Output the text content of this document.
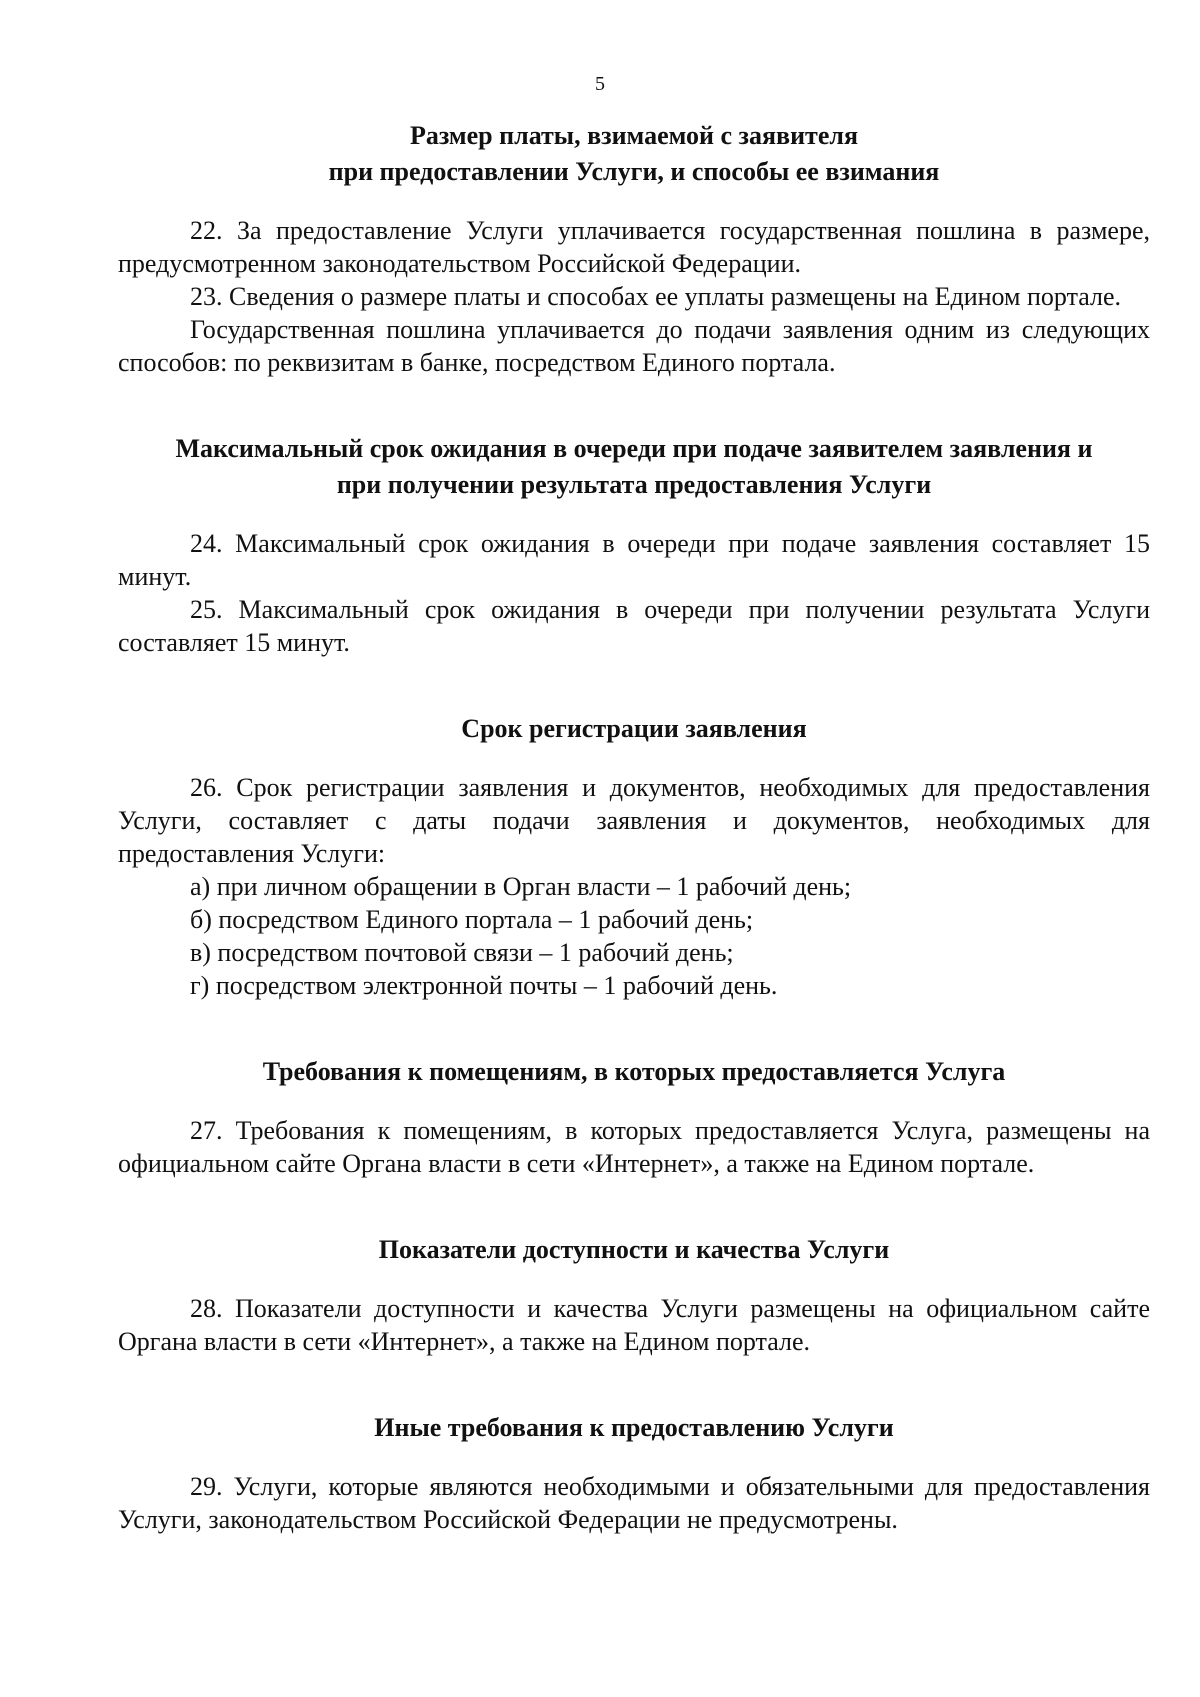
5
Размер платы, взимаемой с заявителя
при предоставлении Услуги, и способы ее взимания

22. За предоставление Услуги уплачивается государственная пошлина в размере, предусмотренном законодательством Российской Федерации.

23. Сведения о размере платы и способах ее уплаты размещены на Едином портале.

Государственная пошлина уплачивается до подачи заявления одним из следующих способов: по реквизитам в банке, посредством Единого портала.

Максимальный срок ожидания в очереди при подаче заявителем заявления и
при получении результата предоставления Услуги

24. Максимальный срок ожидания в очереди при подаче заявления составляет 15 минут.

25. Максимальный срок ожидания в очереди при получении результата Услуги составляет 15 минут.

Срок регистрации заявления

26. Срок регистрации заявления и документов, необходимых для предоставления Услуги, составляет с даты подачи заявления и документов, необходимых для предоставления Услуги:

а) при личном обращении в Орган власти – 1 рабочий день;

б) посредством Единого портала – 1 рабочий день;

в) посредством почтовой связи – 1 рабочий день;

г) посредством электронной почты – 1 рабочий день.

Требования к помещениям, в которых предоставляется Услуга

27. Требования к помещениям, в которых предоставляется Услуга, размещены на официальном сайте Органа власти в сети «Интернет», а также на Едином портале.

Показатели доступности и качества Услуги

28. Показатели доступности и качества Услуги размещены на официальном сайте Органа власти в сети «Интернет», а также на Едином портале.

Иные требования к предоставлению Услуги

29. Услуги, которые являются необходимыми и обязательными для предоставления Услуги, законодательством Российской Федерации не предусмотрены.
